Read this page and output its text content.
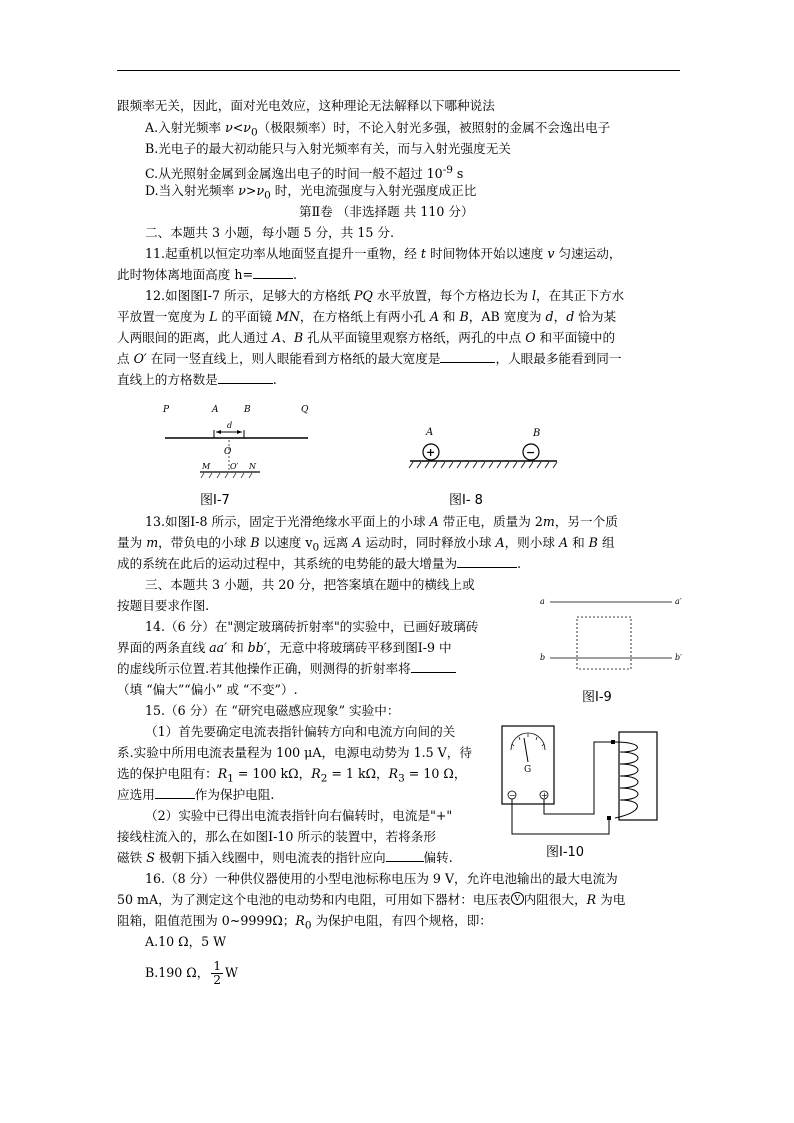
跟频率无关，因此，面对光电效应，这种理论无法解释以下哪种说法
A.入射光频率 $\nu<\nu_0$（极限频率）时，不论入射光多强，被照射的金属不会逸出电子
B.光电子的最大初动能只与入射光频率有关，而与入射光强度无关
C.从光照射金属到金属逸出电子的时间一般不超过 $10^{-9}$ s
D.当入射光频率 $\nu>\nu_0$ 时，光电流强度与入射光强度成正比
第Ⅱ卷 （非选择题 共 110 分）
二、本题共 3 小题，每小题 5 分，共 15 分.
11.起重机以恒定功率从地面竖直提升一重物，经 t 时间物体开始以速度 v 匀速运动，
此时物体离地面高度 h=	.
12.如图图Ⅰ-7 所示，足够大的方格纸 PQ 水平放置，每个方格边长为 l，在其正下方水
平放置一宽度为 L 的平面镜 MN，在方格纸上有两小孔 A 和 B，AB 宽度为 d，d 恰为某
人两眼间的距离，此人通过 A、B 孔从平面镜里观察方格纸，两孔的中点 O 和平面镜中的
点 O′ 在同一竖直线上，则人眼能看到方格纸的最大宽度是	，人眼最多能看到同一
直线上的方格数是	.
P	A	B	Q
d
O
M O′ N
图Ⅰ-7
A	B
+	−
图Ⅰ- 8
13.如图Ⅰ-8 所示，固定于光滑绝缘水平面上的小球 A 带正电，质量为 2m，另一个质
量为 m，带负电的小球 B 以速度 $v_0$ 远离 A 运动时，同时释放小球 A，则小球 A 和 B 组
成的系统在此后的运动过程中，其系统的电势能的最大增量为	.
三、本题共 3 小题，共 20 分，把答案填在题中的横线上或
按题目要求作图.	a	a′
b	b′
图Ⅰ-9
14.（6 分）在"测定玻璃砖折射率"的实验中，已画好玻璃砖
界面的两条直线 aa′ 和 bb′，无意中将玻璃砖平移到图Ⅰ-9 中
的虚线所示位置.若其他操作正确，则测得的折射率将
（填 “偏大”“偏小” 或 “不变”）.
15.（6 分）在 “研究电磁感应现象” 实验中：
（1）首先要确定电流表指针偏转方向和电流方向间的关
系.实验中所用电流表量程为 100 μA，电源电动势为 1.5 V，待
选的保护电阻有：$R_1 = 100$ kΩ，$R_2 = 1$ kΩ，$R_3 = 10$ Ω，
应选用	作为保护电阻.
（2）实验中已得出电流表指针向右偏转时，电流是"+"
接线柱流入的，那么在如图Ⅰ-10 所示的装置中，若将条形
磁铁 S 极朝下插入线圈中，则电流表的指针应向	偏转.
G
−	+
图Ⅰ-10
16.（8 分）一种供仪器使用的小型电池标称电压为 9 V，允许电池输出的最大电流为
50 mA，为了测定这个电池的电动势和内电阻，可用如下器材：电压表 V 内阻很大，R 为电
阻箱，阻值范围为 0~9999Ω；$R_0$ 为保护电阻，有四个规格，即：
A.10 Ω，5 W
B.190 Ω， $\frac{1}{2}$ W
